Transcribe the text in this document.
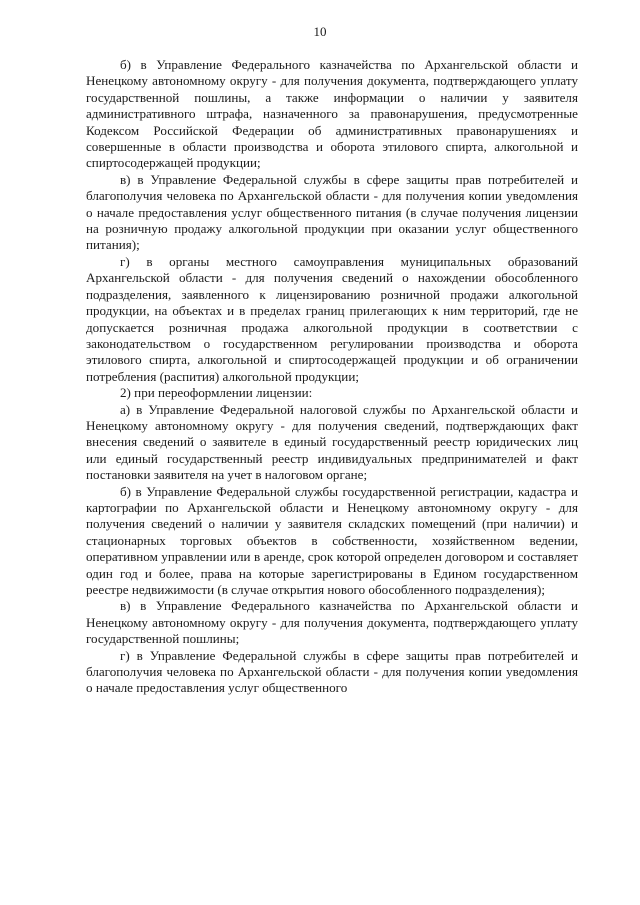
10

б) в Управление Федерального казначейства по Архангельской области и Ненецкому автономному округу - для получения документа, подтверждающего уплату государственной пошлины, а также информации о наличии у заявителя административного штрафа, назначенного за правонарушения, предусмотренные Кодексом Российской Федерации об административных правонарушениях и совершенные в области производства и оборота этилового спирта, алкогольной и спиртосодержащей продукции;

в) в Управление Федеральной службы в сфере защиты прав потребителей и благополучия человека по Архангельской области - для получения копии уведомления о начале предоставления услуг общественного питания (в случае получения лицензии на розничную продажу алкогольной продукции при оказании услуг общественного питания);

г) в органы местного самоуправления муниципальных образований Архангельской области - для получения сведений о нахождении обособленного подразделения, заявленного к лицензированию розничной продажи алкогольной продукции, на объектах и в пределах границ прилегающих к ним территорий, где не допускается розничная продажа алкогольной продукции в соответствии с законодательством о государственном регулировании производства и оборота этилового спирта, алкогольной и спиртосодержащей продукции и об ограничении потребления (распития) алкогольной продукции;

2) при переоформлении лицензии:

а) в Управление Федеральной налоговой службы по Архангельской области и Ненецкому автономному округу - для получения сведений, подтверждающих факт внесения сведений о заявителе в единый государственный реестр юридических лиц или единый государственный реестр индивидуальных предпринимателей и факт постановки заявителя на учет в налоговом органе;

б) в Управление Федеральной службы государственной регистрации, кадастра и картографии по Архангельской области и Ненецкому автономному округу - для получения сведений о наличии у заявителя складских помещений (при наличии) и стационарных торговых объектов в собственности, хозяйственном ведении, оперативном управлении или в аренде, срок которой определен договором и составляет один год и более, права на которые зарегистрированы в Едином государственном реестре недвижимости (в случае открытия нового обособленного подразделения);

в) в Управление Федерального казначейства по Архангельской области и Ненецкому автономному округу - для получения документа, подтверждающего уплату государственной пошлины;

г) в Управление Федеральной службы в сфере защиты прав потребителей и благополучия человека по Архангельской области - для получения копии уведомления о начале предоставления услуг общественного
